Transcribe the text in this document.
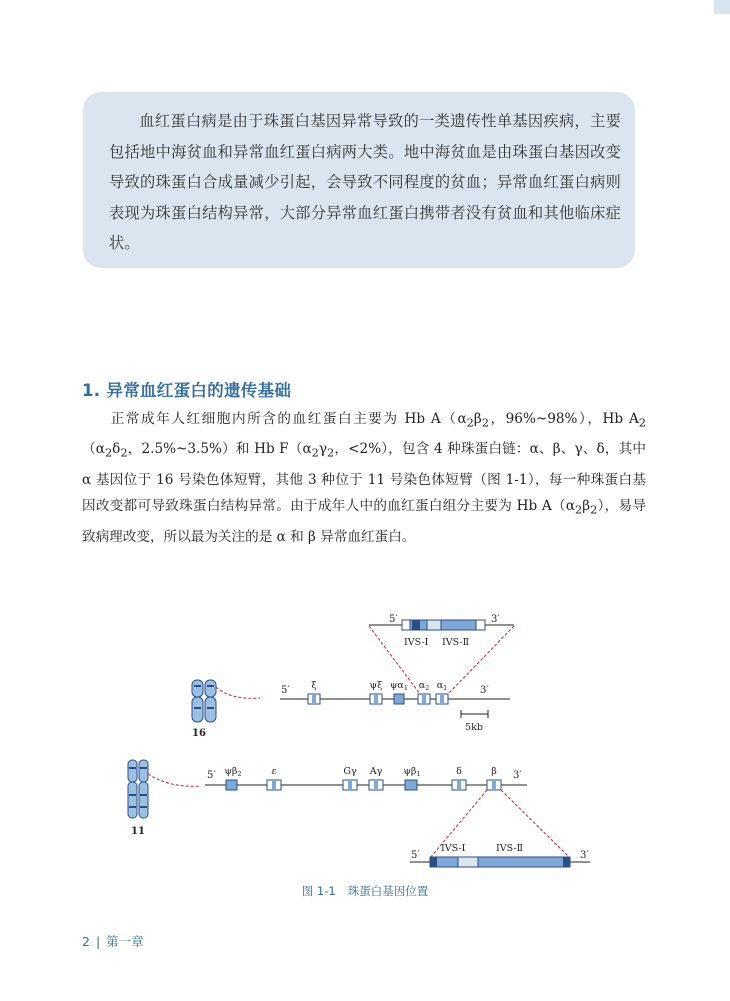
血红蛋白病是由于珠蛋白基因异常导致的一类遗传性单基因疾病，主要包括地中海贫血和异常血红蛋白病两大类。地中海贫血是由珠蛋白基因改变导致的珠蛋白合成量减少引起，会导致不同程度的贫血；异常血红蛋白病则表现为珠蛋白结构异常，大部分异常血红蛋白携带者没有贫血和其他临床症状。

1. 异常血红蛋白的遗传基础

正常成年人红细胞内所含的血红蛋白主要为 Hb $A(\alpha_2\beta_2$，96%~98%），Hb $A_2(\alpha_2\delta_2$，2.5%~3.5%）和 Hb $F(\alpha_2\gamma_2$，<2%），包含 4 种珠蛋白链：α、β、γ、δ，其中 α 基因位于 16 号染色体短臂，其他 3 种位于 11 号染色体短臂（图 1-1），每一种珠蛋白基因改变都可导致珠蛋白结构异常。由于成年人中的血红蛋白组分主要为 Hb $A(\alpha_2\beta_2)$，易导致病理改变，所以最为关注的是 α 和 β 异常血红蛋白。

16
5′	3′
ξ	ψξ $\psi\alpha_1$ $\alpha_2$ $\alpha_1$
5kb
5′	3′
IVS-Ⅰ IVS-Ⅱ
11
5′	3′
$\psi\beta_2$	ε	Gγ Aγ $\psi\beta_1$	δ	β
5′	3′
IVS-Ⅰ	IVS-Ⅱ
图 1-1 珠蛋白基因位置
2 | 第一章
